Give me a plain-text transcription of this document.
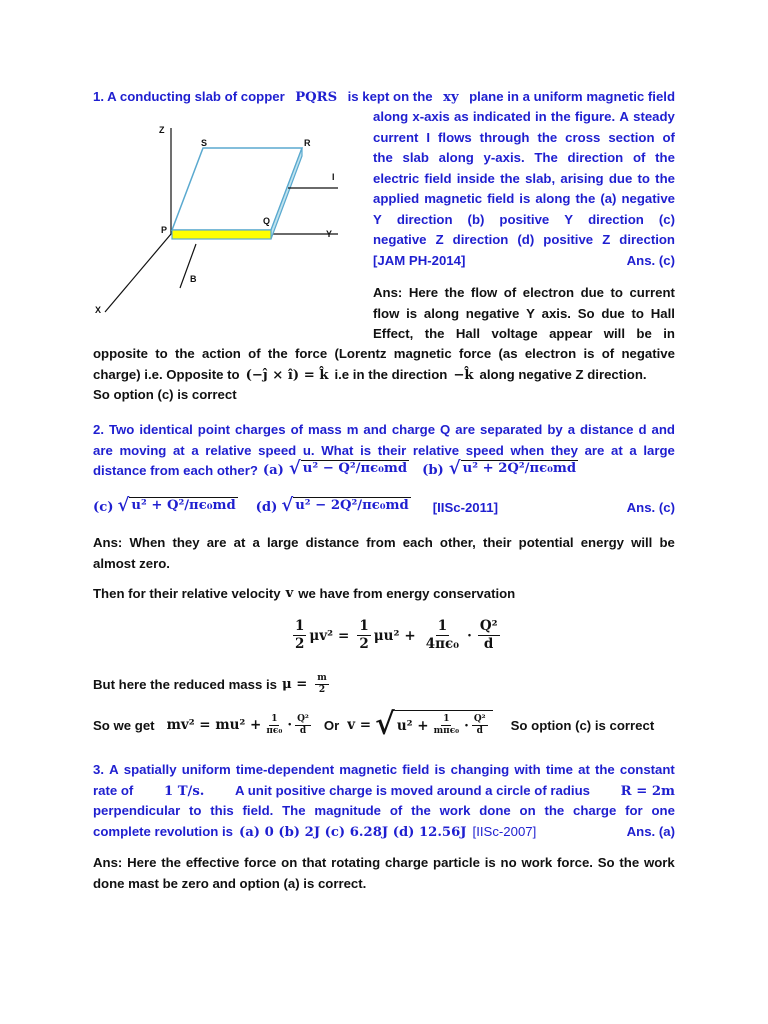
1. A conducting slab of copper PQRS is kept on the xy plane in a uniform magnetic field
Z
S	R
I
Q
P	Y
B
X
along x-axis as indicated in the figure. A steady
current I flows through the cross section of
the slab along y-axis. The direction of the
electric field inside the slab, arising due to the
applied magnetic field is along the (a) negative
Y direction (b) positive Y direction (c)
negative Z direction (d) positive Z direction
[JAM PH-2014]	Ans. (c)
Ans: Here the flow of electron due to current
flow is along negative Y axis. So due to Hall
Effect, the Hall voltage appear will be in
opposite to the action of the force (Lorentz magnetic force (as electron is of negative
charge) i.e. Opposite to (−ĵ × î) = k̂ i.e in the direction −k̂ along negative Z direction.
So option (c) is correct
2. Two identical point charges of mass m and charge Q are separated by a distance d and
are moving at a relative speed u. What is their relative speed when they are at a large
distance from each other? (a) √ u² − Q²/πϵ₀md (b) √ u² + 2Q²/πϵ₀md
(c) √ u² + Q²/πϵ₀md (d) √ u² − 2Q²/πϵ₀md [IISc-2011]	Ans. (c)
Ans: When they are at a large distance from each other, their potential energy will be
almost zero.
Then for their relative velocity v we have from energy conservation
$\frac{1}{2} \mu v^2 = \frac{1}{2} \mu u^2 + \frac{1}{\text{4πϵ₀}} \cdot \frac{\text{Q²}}{d}$
But here the reduced mass is $\mu = \frac{m}{2}$
So we get $mv^2 = mu^2 + \frac{1}{\text{πϵ₀}} \cdot \frac{\text{Q²}}{d}$ Or v = √ $u^2 + \frac{1}{\text{mπϵ₀}} \cdot \frac{\text{Q²}}{d}$ So option (c) is correct
3. A spatially uniform time-dependent magnetic field is changing with time at the constant
rate of 1 T/s. A unit positive charge is moved around a circle of radius R = 2m
perpendicular to this field. The magnitude of the work done on the charge for one
complete revolution is (a) 0 (b) 2J (c) 6.28J (d) 12.56J [IISc-2007]	Ans. (a)
Ans: Here the effective force on that rotating charge particle is no work force. So the work
done mast be zero and option (a) is correct.
